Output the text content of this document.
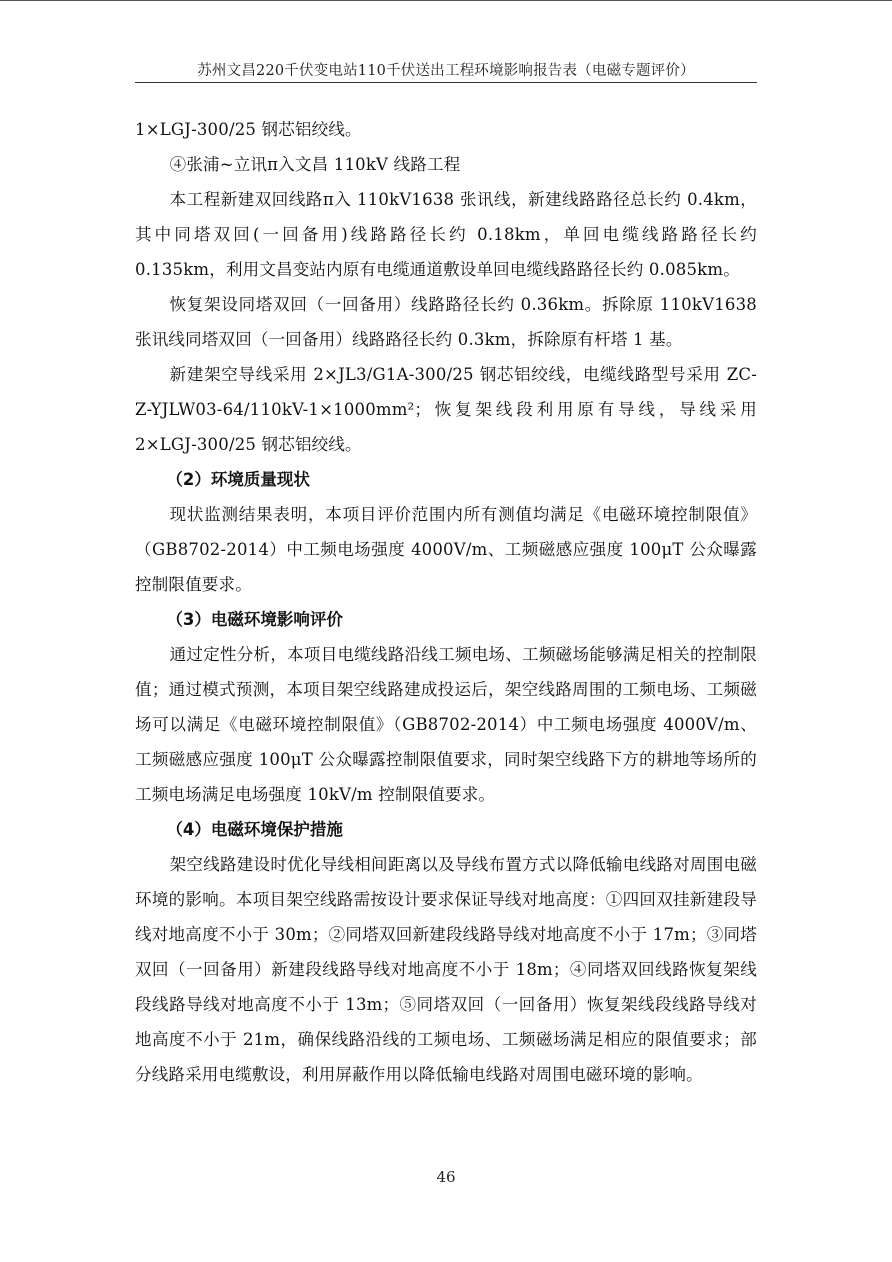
苏州文昌220千伏变电站110千伏送出工程环境影响报告表（电磁专题评价）

1×LGJ-300/25 钢芯铝绞线。

④张浦~立讯π入文昌 110kV 线路工程

本工程新建双回线路π入 110kV1638 张讯线，新建线路路径总长约 0.4km，其中同塔双回(一回备用)线路路径长约 0.18km，单回电缆线路路径长约 0.135km，利用文昌变站内原有电缆通道敷设单回电缆线路路径长约 0.085km。

恢复架设同塔双回（一回备用）线路路径长约 0.36km。拆除原 110kV1638 张讯线同塔双回（一回备用）线路路径长约 0.3km，拆除原有杆塔 1 基。

新建架空导线采用 2×JL3/G1A-300/25 钢芯铝绞线，电缆线路型号采用 ZC-Z-YJLW03-64/110kV-1×1000mm²；恢复架线段利用原有导线，导线采用 2×LGJ-300/25 钢芯铝绞线。

（2）环境质量现状

现状监测结果表明，本项目评价范围内所有测值均满足《电磁环境控制限值》（GB8702-2014）中工频电场强度 4000V/m、工频磁感应强度 100μT 公众曝露控制限值要求。

（3）电磁环境影响评价

通过定性分析，本项目电缆线路沿线工频电场、工频磁场能够满足相关的控制限值；通过模式预测，本项目架空线路建成投运后，架空线路周围的工频电场、工频磁场可以满足《电磁环境控制限值》（GB8702-2014）中工频电场强度 4000V/m、工频磁感应强度 100μT 公众曝露控制限值要求，同时架空线路下方的耕地等场所的工频电场满足电场强度 10kV/m 控制限值要求。

（4）电磁环境保护措施

架空线路建设时优化导线相间距离以及导线布置方式以降低输电线路对周围电磁环境的影响。本项目架空线路需按设计要求保证导线对地高度：①四回双挂新建段导线对地高度不小于 30m；②同塔双回新建段线路导线对地高度不小于 17m；③同塔双回（一回备用）新建段线路导线对地高度不小于 18m；④同塔双回线路恢复架线段线路导线对地高度不小于 13m；⑤同塔双回（一回备用）恢复架线段线路导线对地高度不小于 21m，确保线路沿线的工频电场、工频磁场满足相应的限值要求；部分线路采用电缆敷设，利用屏蔽作用以降低输电线路对周围电磁环境的影响。

46
